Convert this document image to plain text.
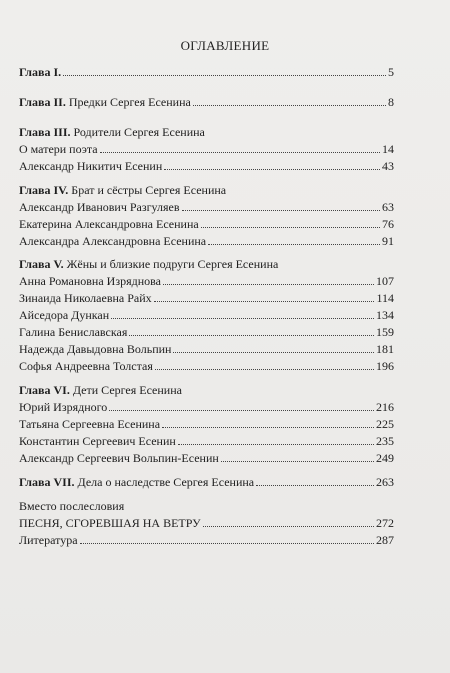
ОГЛАВЛЕНИЕ
Глава I.	5
Глава II. Предки Сергея Есенина	8
Глава III. Родители Сергея Есенина
О матери поэта	14
Александр Никитич Есенин	43
Глава IV. Брат и сёстры Сергея Есенина
Александр Иванович Разгуляев	63
Екатерина Александровна Есенина	76
Александра Александровна Есенина	91
Глава V. Жёны и близкие подруги Сергея Есенина
Анна Романовна Изряднова	107
Зинаида Николаевна Райх	114
Айседора Дункан	134
Галина Бениславская	159
Надежда Давыдовна Вольпин	181
Софья Андреевна Толстая	196
Глава VI. Дети Сергея Есенина
Юрий Изрядного	216
Татьяна Сергеевна Есенина	225
Константин Сергеевич Есенин	235
Александр Сергеевич Вольпин-Есенин	249
Глава VII. Дела о наследстве Сергея Есенина	263
Вместо послесловия
ПЕСНЯ, СГОРЕВШАЯ НА ВЕТРУ	272
Литература	287
